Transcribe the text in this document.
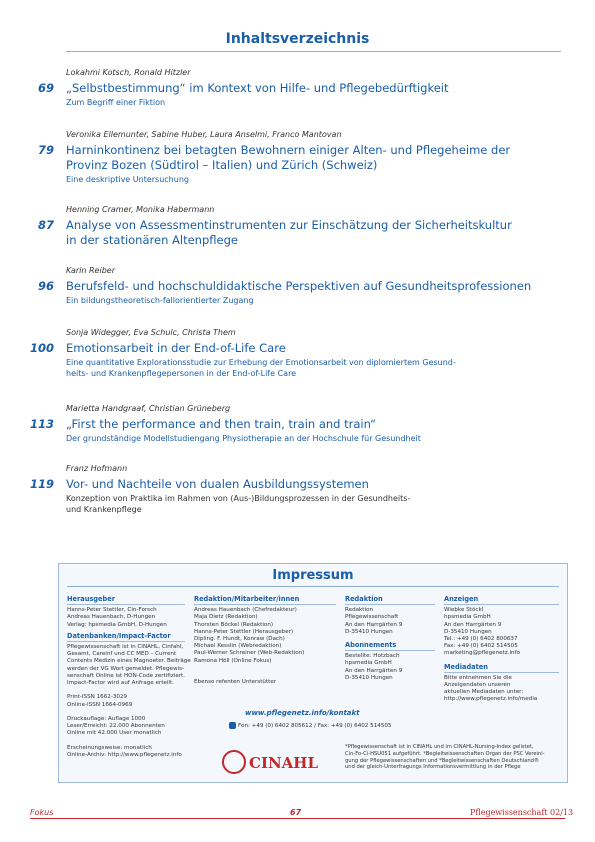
Inhaltsverzeichnis
Lokahmi Kotsch, Ronald Hitzler
69 „Selbstbestimmung“ im Kontext von Hilfe- und Pflegebedürftigkeit
Zum Begriff einer Fiktion
Veronika Ellemunter, Sabine Huber, Laura Anselmi, Franco Mantovan
79 Harninkontinenz bei betagten Bewohnern einiger Alten- und Pflegeheime der
Provinz Bozen (Südtirol – Italien) und Zürich (Schweiz)
Eine deskriptive Untersuchung
Henning Cramer, Monika Habermann
87 Analyse von Assessmentinstrumenten zur Einschätzung der Sicherheitskultur
in der stationären Altenpflege
Karin Reiber
96 Berufsfeld- und hochschuldidaktische Perspektiven auf Gesundheitsprofessionen
Ein bildungstheoretisch-fallorientierter Zugang
Sonja Widegger, Eva Schulc, Christa Them
100 Emotionsarbeit in der End-of-Life Care
Eine quantitative Explorationsstudie zur Erhebung der Emotionsarbeit von diplomiertem Gesund-
heits- und Krankenpflegepersonen in der End-of-Life Care
Marietta Handgraaf, Christian Grüneberg
113 „First the performance and then train, train and train“
Der grundständige Modellstudiengang Physiotherapie an der Hochschule für Gesundheit
Franz Hofmann
119 Vor- und Nachteile von dualen Ausbildungssystemen
Konzeption von Praktika im Rahmen von (Aus-)Bildungsprozessen in der Gesundheits-
und Krankenpflege
Impressum
Herausgeber
Hanns-Peter Stettler, Cin-Forsch
Andreas Hauenbach, D-Hungen
Verlag: hpsmedia GmbH, D-Hungen
Datenbanken/Impact-Factor
Pflegewissenschaft ist in CINAHL, Cinfahl,
Gesamt, Careinf und CC MED – Current
Contents Medizin eines Magnoeter. Beiträge
werden der VG Wort gemeldet. Pflegewis-
senschaft Online ist HON-Code zertifiziert.
Impact-Factor wird auf Anfrage erteilt.

Print-ISSN 1662-3029
Online-ISSN 1664-0969

Druckauflage: Auflage 1000
Leser/Erreicht: 22.000 Abonnenten
Online mit 42.000 User monatlich

Erscheinungsweise: monatlich
Online-Archiv: http://www.pflegenetz.info
Redaktion/Mitarbeiter/innen
Andreas Hauenbach (Chefredakteur)
Maja Dietz (Redaktion)
Thorsten Böckel (Redaktion)
Hanns-Peter Stettler (Herausgeber)
Dipling. F. Hundt, Konraw (Dach)
Michael Kesslin (Webredaktion)
Paul-Werner Schreiner (Web-Redaktion)
Ramona Höll (Online Fokus)

Ebenso refenten Unterstütter
Redaktion
Redaktion
Pflegewissenschaft
An den Harrgärten 9
D-35410 Hungen
Abonnements
Bestellte: Hotzbach
hpsmedia GmbH
An den Harrgärten 9
D-35410 Hungen
Anzeigen
Wiebke Stöckl
hpsmedia GmbH
An den Harrgärten 9
D-35410 Hungen
Tel.: +49 (0) 6402 800637
Fax: +49 (0) 6402 514505
marketing@pflegenetz.info
Mediadaten
Bitte entnehmen Sie die
Anzeigendaten unseren
aktuellen Mediadaten unter:
http://www.pflegenetz.info/media
www.pflegenetz.info/kontakt
Fon: +49 (0) 6402 805612 / Fax: +49 (0) 6402 514505
CINAHL
*Pflegewissenschaft ist in CINAHL und im CINAHL-Nursing-Index gelistet,
Cin-Fo-Ci-HSU051 aufgeführt. *Begleitwissenschaften Organ der PSC Vereini-
gung der Pflegewissenschaften und *Begleitwissenschaften Deutschland®
und der gleich-Unterfragungs Informationsvermittlung in der Pflege
Fokus	67	Pflegewissenschaft 02/13
